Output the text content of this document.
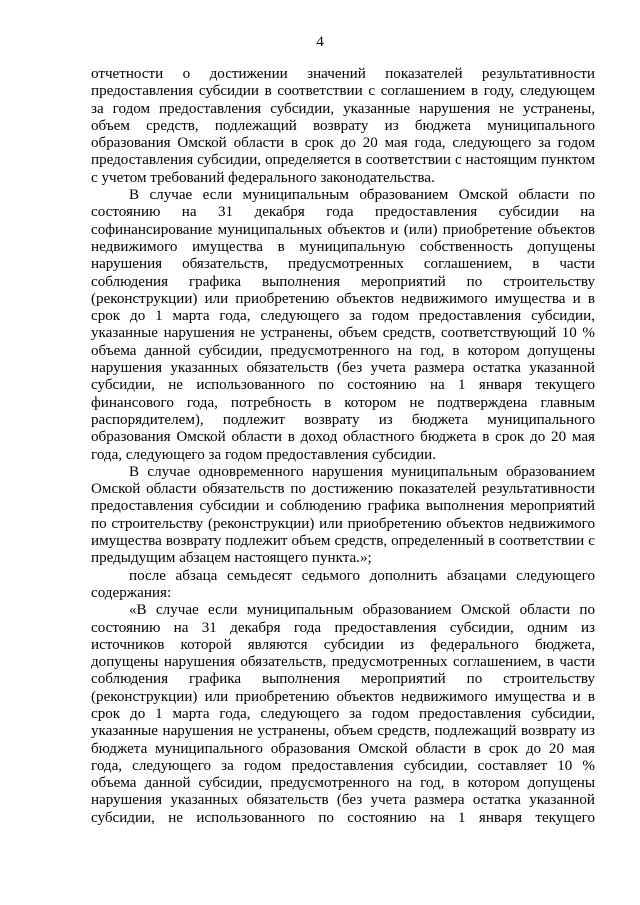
4
отчетности о достижении значений показателей результативности
предоставления субсидии в соответствии с соглашением в году, следующем
за годом предоставления субсидии, указанные нарушения не устранены,
объем средств, подлежащий возврату из бюджета муниципального
образования Омской области в срок до 20 мая года, следующего за годом
предоставления субсидии, определяется в соответствии с настоящим пунктом
с учетом требований федерального законодательства.
В случае если муниципальным образованием Омской области по
состоянию на 31 декабря года предоставления субсидии на
софинансирование муниципальных объектов и (или) приобретение объектов
недвижимого имущества в муниципальную собственность допущены
нарушения обязательств, предусмотренных соглашением, в части
соблюдения графика выполнения мероприятий по строительству
(реконструкции) или приобретению объектов недвижимого имущества и в
срок до 1 марта года, следующего за годом предоставления субсидии,
указанные нарушения не устранены, объем средств, соответствующий 10 %
объема данной субсидии, предусмотренного на год, в котором допущены
нарушения указанных обязательств (без учета размера остатка указанной
субсидии, не использованного по состоянию на 1 января текущего
финансового года, потребность в котором не подтверждена главным
распорядителем), подлежит возврату из бюджета муниципального
образования Омской области в доход областного бюджета в срок до 20 мая
года, следующего за годом предоставления субсидии.
В случае одновременного нарушения муниципальным образованием
Омской области обязательств по достижению показателей результативности
предоставления субсидии и соблюдению графика выполнения мероприятий
по строительству (реконструкции) или приобретению объектов недвижимого
имущества возврату подлежит объем средств, определенный в соответствии с
предыдущим абзацем настоящего пункта.»;
после абзаца семьдесят седьмого дополнить абзацами следующего
содержания:
«В случае если муниципальным образованием Омской области по
состоянию на 31 декабря года предоставления субсидии, одним из
источников которой являются субсидии из федерального бюджета,
допущены нарушения обязательств, предусмотренных соглашением, в части
соблюдения графика выполнения мероприятий по строительству
(реконструкции) или приобретению объектов недвижимого имущества и в
срок до 1 марта года, следующего за годом предоставления субсидии,
указанные нарушения не устранены, объем средств, подлежащий возврату из
бюджета муниципального образования Омской области в срок до 20 мая
года, следующего за годом предоставления субсидии, составляет 10 %
объема данной субсидии, предусмотренного на год, в котором допущены
нарушения указанных обязательств (без учета размера остатка указанной
субсидии, не использованного по состоянию на 1 января текущего
